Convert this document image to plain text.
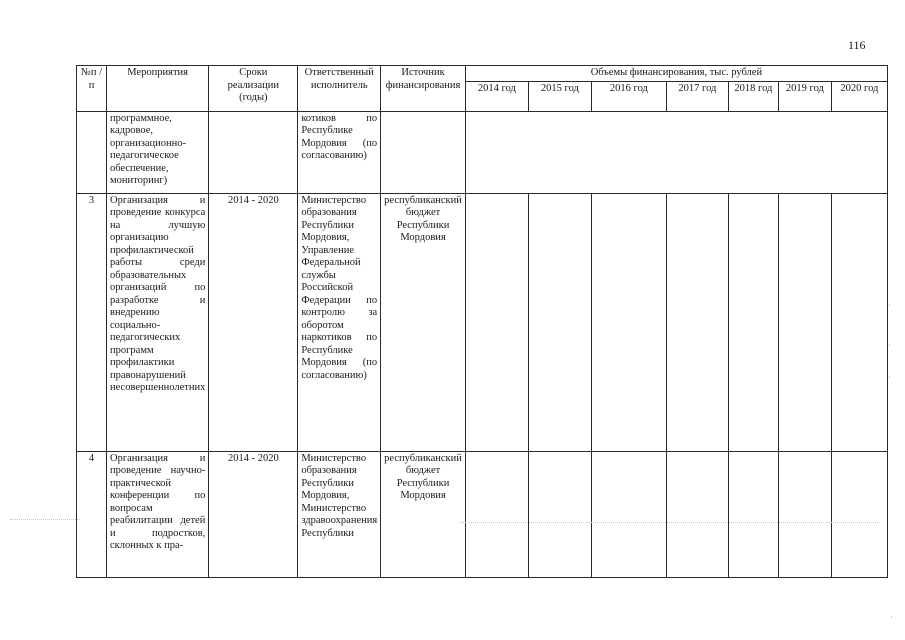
116
№п /п	Мероприятия	Сроки реализации (годы)	Ответственный исполнитель	Источник финансирования	Объемы финансирования, тыс. рублей						
					2014 год	2015 год	2016 год	2017 год	2018 год	2019 год	2020 год
	программное, кадровое, организационно-педагогическое обеспечение, мониторинг)		котиков по Республике Мордовия (по согласованию)								
3	Организация и проведение конкурса на лучшую организацию профилактической работы среди образовательных организаций по разработке и внедрению социально-педагогических программ профилактики правонарушений несовершеннолетних	2014 - 2020	Министерство образования Республики Мордовия, Управление Федеральной службы Российской Федерации по контролю за оборотом наркотиков по Республике Мордовия (по согласованию)	республиканский бюджет Республики Мордовия							
4	Организация и проведение научно-практической конференции по вопросам реабилитации детей и подростков, склонных к пра-	2014 - 2020	Министерство образования Республики Мордовия, Министерство здравоохранения Республики	республиканский бюджет Республики Мордовия							
·
·
·
·
